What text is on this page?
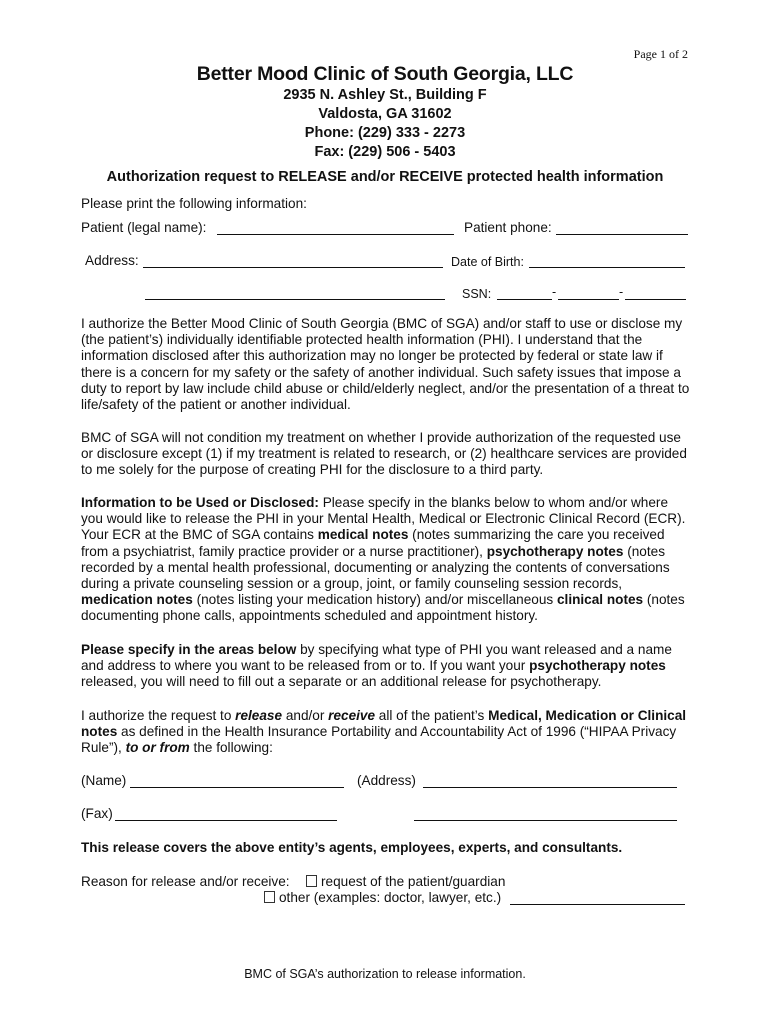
Page 1 of 2
Better Mood Clinic of South Georgia, LLC
2935 N. Ashley St., Building F
Valdosta, GA 31602
Phone: (229) 333 - 2273
Fax: (229) 506 - 5403
Authorization request to RELEASE and/or RECEIVE protected health information
Please print the following information:
Patient (legal name):	Patient phone:
Address:	Date of Birth:
SSN:	-	-

I authorize the Better Mood Clinic of South Georgia (BMC of SGA) and/or staff to use or disclose my (the patient’s) individually identifiable protected health information (PHI). I understand that the information disclosed after this authorization may no longer be protected by federal or state law if there is a concern for my safety or the safety of another individual. Such safety issues that impose a duty to report by law include child abuse or child/elderly neglect, and/or the presentation of a threat to life/safety of the patient or another individual.

BMC of SGA will not condition my treatment on whether I provide authorization of the requested use or disclosure except (1) if my treatment is related to research, or (2) healthcare services are provided to me solely for the purpose of creating PHI for the disclosure to a third party.

Information to be Used or Disclosed: Please specify in the blanks below to whom and/or where you would like to release the PHI in your Mental Health, Medical or Electronic Clinical Record (ECR). Your ECR at the BMC of SGA contains medical notes (notes summarizing the care you received from a psychiatrist, family practice provider or a nurse practitioner), psychotherapy notes (notes recorded by a mental health professional, documenting or analyzing the contents of conversations during a private counseling session or a group, joint, or family counseling session records, medication notes (notes listing your medication history) and/or miscellaneous clinical notes (notes documenting phone calls, appointments scheduled and appointment history.

Please specify in the areas below by specifying what type of PHI you want released and a name and address to where you want to be released from or to. If you want your psychotherapy notes released, you will need to fill out a separate or an additional release for psychotherapy.

I authorize the request to release and/or receive all of the patient’s Medical, Medication or Clinical notes as defined in the Health Insurance Portability and Accountability Act of 1996 (“HIPAA Privacy Rule”), to or from the following:

(Name)	(Address)
(Fax)
This release covers the above entity’s agents, employees, experts, and consultants.
Reason for release and/or receive:	request of the patient/guardian
other (examples: doctor, lawyer, etc.)
BMC of SGA’s authorization to release information.
